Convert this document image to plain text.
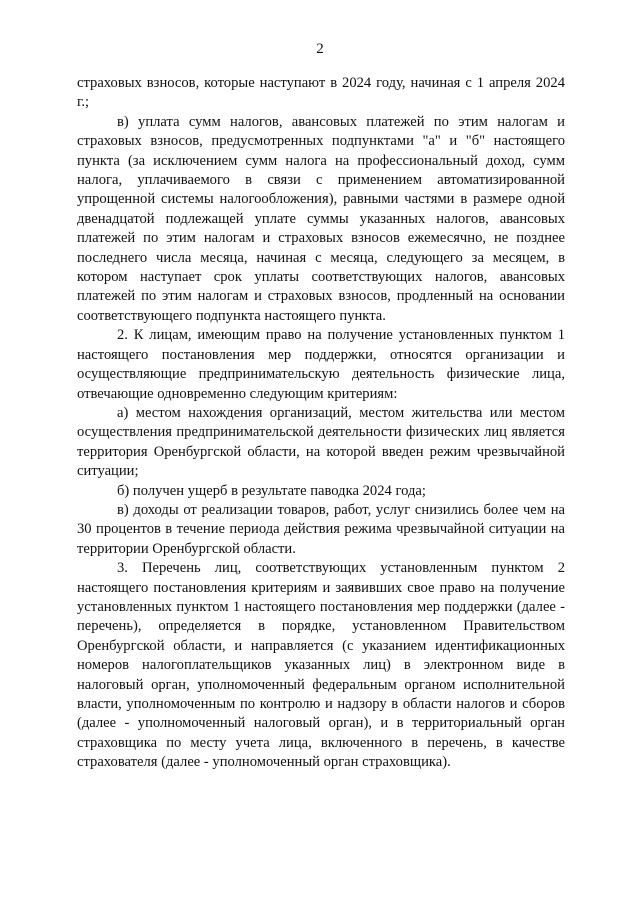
2

страховых взносов, которые наступают в 2024 году, начиная с 1 апреля 2024 г.;

в) уплата сумм налогов, авансовых платежей по этим налогам и страховых взносов, предусмотренных подпунктами "а" и "б" настоящего пункта (за исключением сумм налога на профессиональный доход, сумм налога, уплачиваемого в связи с применением автоматизированной упрощенной системы налогообложения), равными частями в размере одной двенадцатой подлежащей уплате суммы указанных налогов, авансовых платежей по этим налогам и страховых взносов ежемесячно, не позднее последнего числа месяца, начиная с месяца, следующего за месяцем, в котором наступает срок уплаты соответствующих налогов, авансовых платежей по этим налогам и страховых взносов, продленный на основании соответствующего подпункта настоящего пункта.

2. К лицам, имеющим право на получение установленных пунктом 1 настоящего постановления мер поддержки, относятся организации и осуществляющие предпринимательскую деятельность физические лица, отвечающие одновременно следующим критериям:

а) местом нахождения организаций, местом жительства или местом осуществления предпринимательской деятельности физических лиц является территория Оренбургской области, на которой введен режим чрезвычайной ситуации;

б) получен ущерб в результате паводка 2024 года;

в) доходы от реализации товаров, работ, услуг снизились более чем на 30 процентов в течение периода действия режима чрезвычайной ситуации на территории Оренбургской области.

3. Перечень лиц, соответствующих установленным пунктом 2 настоящего постановления критериям и заявивших свое право на получение установленных пунктом 1 настоящего постановления мер поддержки (далее - перечень), определяется в порядке, установленном Правительством Оренбургской области, и направляется (с указанием идентификационных номеров налогоплательщиков указанных лиц) в электронном виде в налоговый орган, уполномоченный федеральным органом исполнительной власти, уполномоченным по контролю и надзору в области налогов и сборов (далее - уполномоченный налоговый орган), и в территориальный орган страховщика по месту учета лица, включенного в перечень, в качестве страхователя (далее - уполномоченный орган страховщика).
